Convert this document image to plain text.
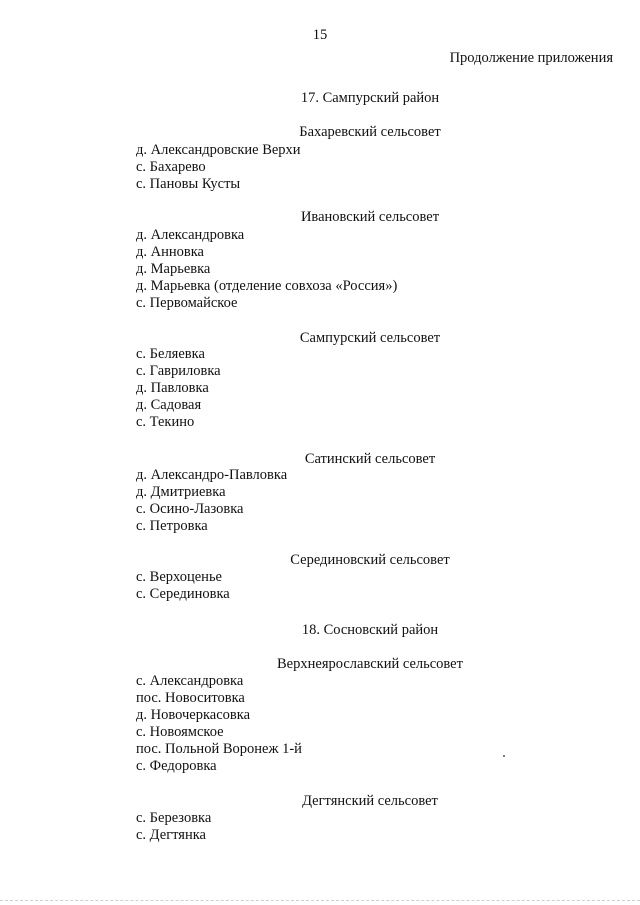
15
Продолжение приложения
17. Сампурский район
Бахаревский сельсовет
д. Александровские Верхи
с. Бахарево
с. Пановы Кусты
Ивановский сельсовет
д. Александровка
д. Анновка
д. Марьевка
д. Марьевка (отделение совхоза «Россия»)
с. Первомайское
Сампурский сельсовет
с. Беляевка
с. Гавриловка
д. Павловка
д. Садовая
с. Текино
Сатинский сельсовет
д. Александро-Павловка
д. Дмитриевка
с. Осино-Лазовка
с. Петровка
Серединовский сельсовет
с. Верхоценье
с. Серединовка
18. Сосновский район
Верхнеярославский сельсовет
с. Александровка
пос. Новоситовка
д. Новочеркасовка
с. Новоямское
пос. Польной Воронеж 1-й
с. Федоровка
Дегтянский сельсовет
с. Березовка
с. Дегтянка
